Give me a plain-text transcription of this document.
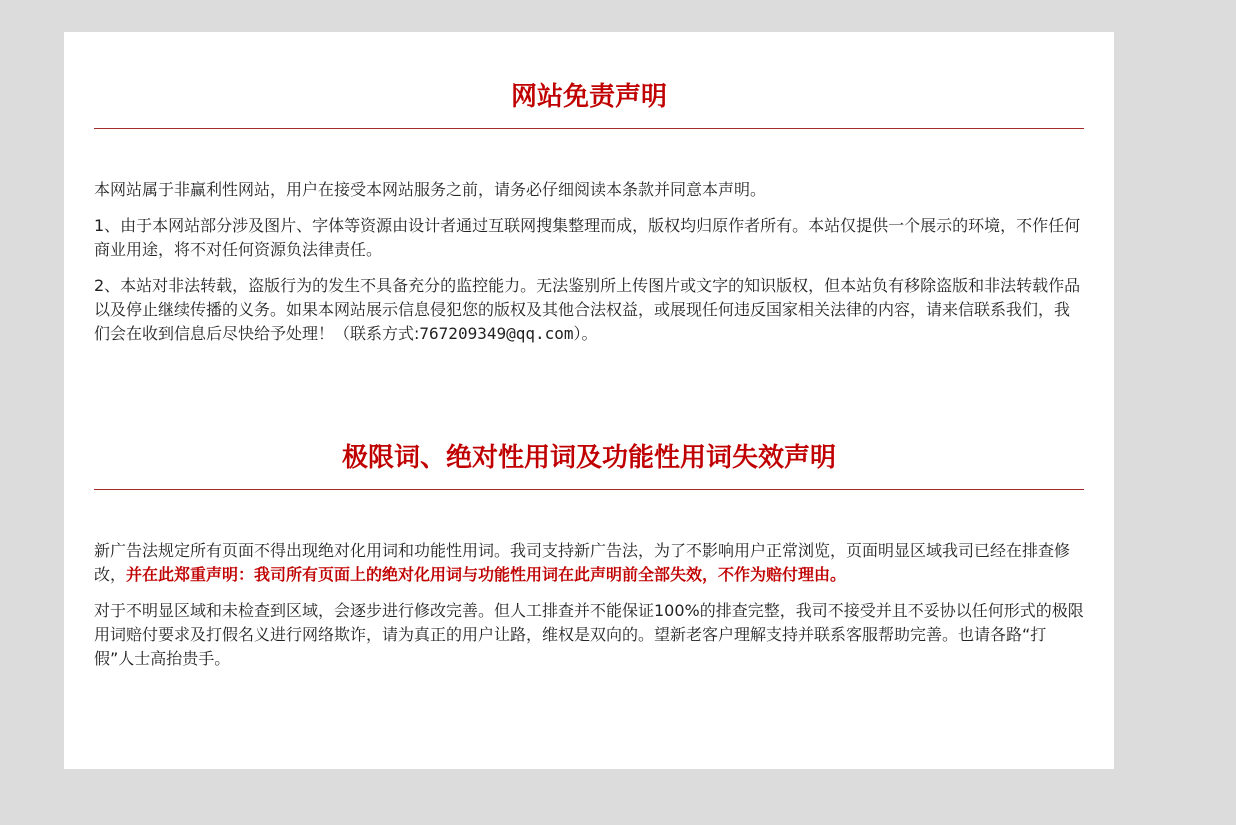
网站免责声明

本网站属于非赢利性网站，用户在接受本网站服务之前，请务必仔细阅读本条款并同意本声明。

1、由于本网站部分涉及图片、字体等资源由设计者通过互联网搜集整理而成，版权均归原作者所有。本站仅提供一个展示的环境，不作任何商业用途，将不对任何资源负法律责任。

2、本站对非法转载，盗版行为的发生不具备充分的监控能力。无法鉴别所上传图片或文字的知识版权，但本站负有移除盗版和非法转载作品以及停止继续传播的义务。如果本网站展示信息侵犯您的版权及其他合法权益，或展现任何违反国家相关法律的内容，请来信联系我们，我们会在收到信息后尽快给予处理！（联系方式:767209349@qq.com）。

极限词、绝对性用词及功能性用词失效声明

新广告法规定所有页面不得出现绝对化用词和功能性用词。我司支持新广告法，为了不影响用户正常浏览，页面明显区域我司已经在排查修改，并在此郑重声明：我司所有页面上的绝对化用词与功能性用词在此声明前全部失效，不作为赔付理由。

对于不明显区域和未检查到区域，会逐步进行修改完善。但人工排查并不能保证100%的排查完整，我司不接受并且不妥协以任何形式的极限用词赔付要求及打假名义进行网络欺诈，请为真正的用户让路，维权是双向的。望新老客户理解支持并联系客服帮助完善。也请各路“打假”人士高抬贵手。
